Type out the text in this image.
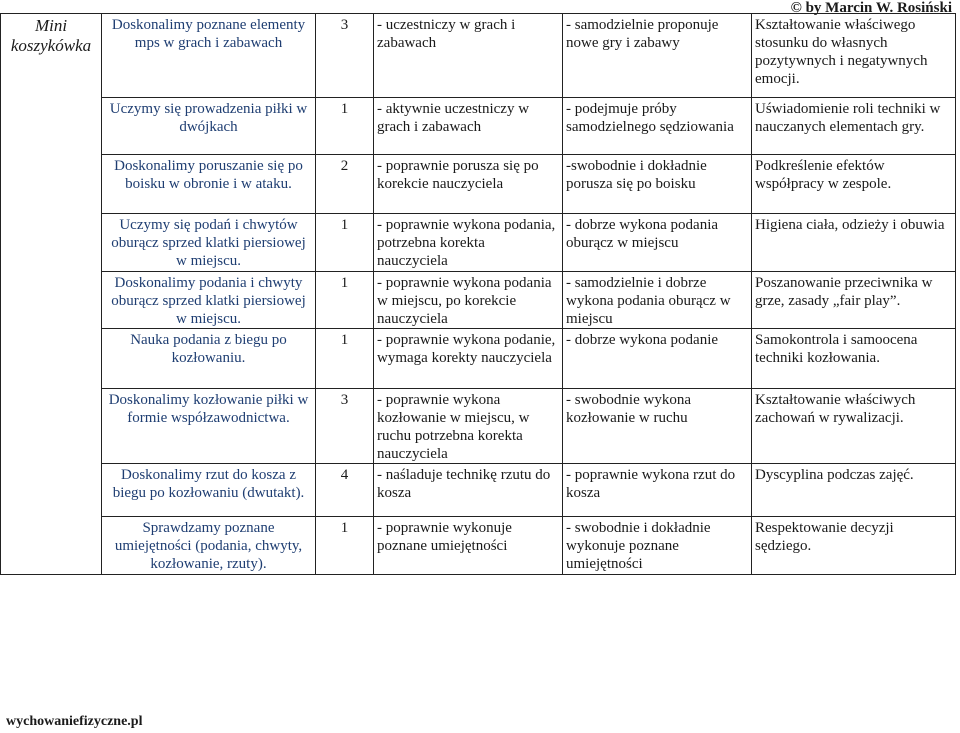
© by Marcin W. Rosiński
Mini koszykówka	Doskonalimy poznane elementy mps w grach i zabawach	3	- uczestniczy w grach i zabawach	- samodzielnie proponuje nowe gry i zabawy	Kształtowanie właściwego stosunku do własnych pozytywnych i negatywnych emocji.
	Uczymy się prowadzenia piłki w dwójkach	1	- aktywnie uczestniczy w grach i zabawach	- podejmuje próby samodzielnego sędziowania	Uświadomienie roli techniki w nauczanych elementach gry.
	Doskonalimy poruszanie się po boisku w obronie i w ataku.	2	- poprawnie porusza się po korekcie nauczyciela	-swobodnie i dokładnie porusza się po boisku	Podkreślenie efektów współpracy w zespole.
	Uczymy się podań i chwytów oburącz sprzed klatki piersiowej w miejscu.	1	- poprawnie wykona podania, potrzebna korekta nauczyciela	- dobrze wykona podania oburącz w miejscu	Higiena ciała, odzieży i obuwia
	Doskonalimy podania i chwyty oburącz sprzed klatki piersiowej w miejscu.	1	- poprawnie wykona podania w miejscu, po korekcie nauczyciela	- samodzielnie i dobrze wykona podania oburącz w miejscu	Poszanowanie przeciwnika w grze, zasady „fair play”.
	Nauka podania z biegu po kozłowaniu.	1	- poprawnie wykona podanie, wymaga korekty nauczyciela	- dobrze wykona podanie	Samokontrola i samoocena techniki kozłowania.
	Doskonalimy kozłowanie piłki w formie współzawodnictwa.	3	- poprawnie wykona kozłowanie w miejscu, w ruchu potrzebna korekta nauczyciela	- swobodnie wykona kozłowanie w ruchu	Kształtowanie właściwych zachowań w rywalizacji.
	Doskonalimy rzut do kosza z biegu po kozłowaniu (dwutakt).	4	- naśladuje technikę rzutu do kosza	- poprawnie wykona rzut do kosza	Dyscyplina podczas zajęć.
	Sprawdzamy poznane umiejętności (podania, chwyty, kozłowanie, rzuty).	1	- poprawnie wykonuje poznane umiejętności	- swobodnie i dokładnie wykonuje poznane umiejętności	Respektowanie decyzji sędziego.
wychowaniefizyczne.pl
